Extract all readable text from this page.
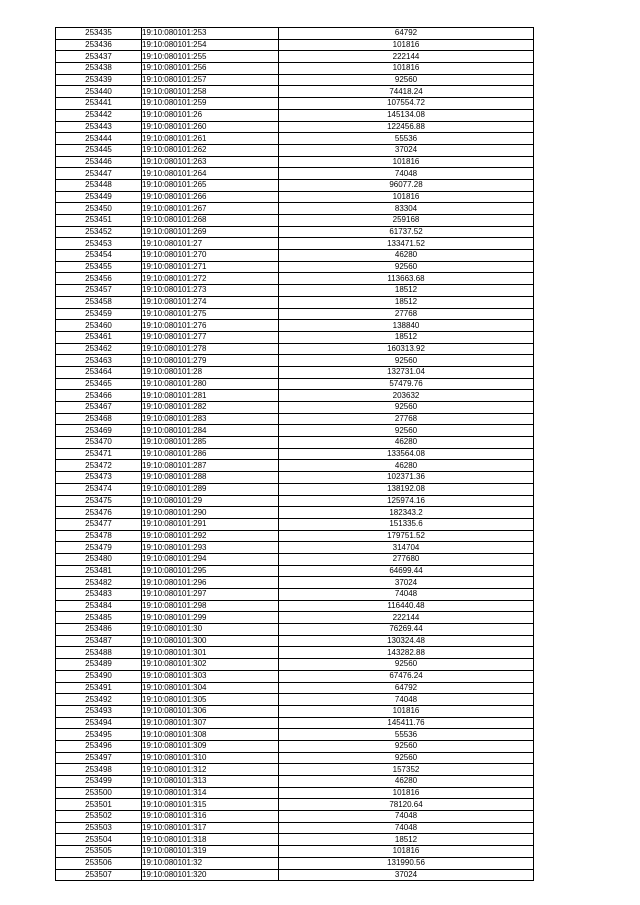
253435	19:10:080101:253	64792
253436	19:10:080101:254	101816
253437	19:10:080101:255	222144
253438	19:10:080101:256	101816
253439	19:10:080101:257	92560
253440	19:10:080101:258	74418.24
253441	19:10:080101:259	107554.72
253442	19:10:080101:26	145134.08
253443	19:10:080101:260	122456.88
253444	19:10:080101:261	55536
253445	19:10:080101:262	37024
253446	19:10:080101:263	101816
253447	19:10:080101:264	74048
253448	19:10:080101:265	96077.28
253449	19:10:080101:266	101816
253450	19:10:080101:267	83304
253451	19:10:080101:268	259168
253452	19:10:080101:269	61737.52
253453	19:10:080101:27	133471.52
253454	19:10:080101:270	46280
253455	19:10:080101:271	92560
253456	19:10:080101:272	113663.68
253457	19:10:080101:273	18512
253458	19:10:080101:274	18512
253459	19:10:080101:275	27768
253460	19:10:080101:276	138840
253461	19:10:080101:277	18512
253462	19:10:080101:278	160313.92
253463	19:10:080101:279	92560
253464	19:10:080101:28	132731.04
253465	19:10:080101:280	57479.76
253466	19:10:080101:281	203632
253467	19:10:080101:282	92560
253468	19:10:080101:283	27768
253469	19:10:080101:284	92560
253470	19:10:080101:285	46280
253471	19:10:080101:286	133564.08
253472	19:10:080101:287	46280
253473	19:10:080101:288	102371.36
253474	19:10:080101:289	138192.08
253475	19:10:080101:29	125974.16
253476	19:10:080101:290	182343.2
253477	19:10:080101:291	151335.6
253478	19:10:080101:292	179751.52
253479	19:10:080101:293	314704
253480	19:10:080101:294	277680
253481	19:10:080101:295	64699.44
253482	19:10:080101:296	37024
253483	19:10:080101:297	74048
253484	19:10:080101:298	116440.48
253485	19:10:080101:299	222144
253486	19:10:080101:30	76269.44
253487	19:10:080101:300	130324.48
253488	19:10:080101:301	143282.88
253489	19:10:080101:302	92560
253490	19:10:080101:303	67476.24
253491	19:10:080101:304	64792
253492	19:10:080101:305	74048
253493	19:10:080101:306	101816
253494	19:10:080101:307	145411.76
253495	19:10:080101:308	55536
253496	19:10:080101:309	92560
253497	19:10:080101:310	92560
253498	19:10:080101:312	157352
253499	19:10:080101:313	46280
253500	19:10:080101:314	101816
253501	19:10:080101:315	78120.64
253502	19:10:080101:316	74048
253503	19:10:080101:317	74048
253504	19:10:080101:318	18512
253505	19:10:080101:319	101816
253506	19:10:080101:32	131990.56
253507	19:10:080101:320	37024
